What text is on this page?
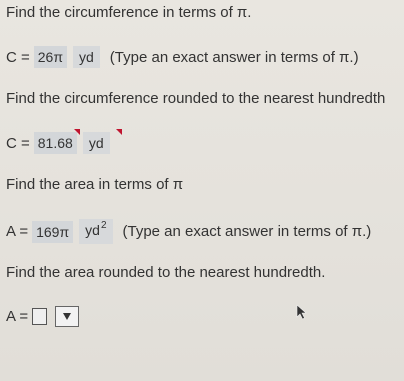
Find the circumference in terms of π.
C = 26π	yd	(Type an exact answer in terms of π.)
Find the circumference rounded to the nearest hundredth
C = 81.68	yd
Find the area in terms of π
A = 169π	$yd^2$	(Type an exact answer in terms of π.)
Find the area rounded to the nearest hundredth.
A =
